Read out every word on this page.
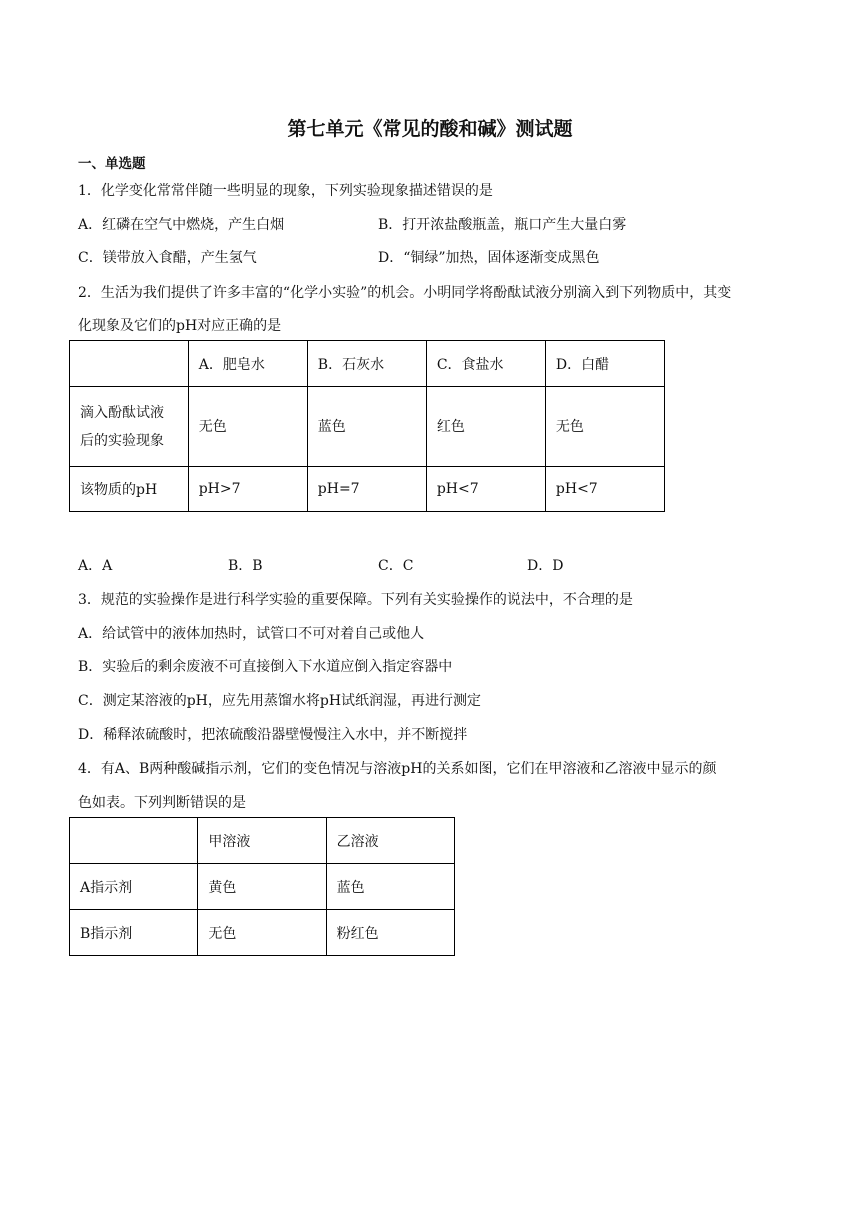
第七单元《常见的酸和碱》测试题
一、单选题
1．化学变化常常伴随一些明显的现象，下列实验现象描述错误的是
A．红磷在空气中燃烧，产生白烟	B．打开浓盐酸瓶盖，瓶口产生大量白雾
C．镁带放入食醋，产生氢气	D．“铜绿”加热，固体逐渐变成黑色
2．生活为我们提供了许多丰富的“化学小实验”的机会。小明同学将酚酞试液分别滴入到下列物质中，其变
化现象及它们的pH对应正确的是
	A．肥皂水	B．石灰水	C．食盐水	D．白醋

滴入酚酞试液
后的实验现象	无色	蓝色	红色	无色
该物质的pH	pH>7	pH=7	pH<7	pH<7
A．A	B．B	C．C	D．D
3．规范的实验操作是进行科学实验的重要保障。下列有关实验操作的说法中，不合理的是
A．给试管中的液体加热时，试管口不可对着自己或他人
B．实验后的剩余废液不可直接倒入下水道应倒入指定容器中
C．测定某溶液的pH，应先用蒸馏水将pH试纸润湿，再进行测定
D．稀释浓硫酸时，把浓硫酸沿器壁慢慢注入水中，并不断搅拌
4．有A、B两种酸碱指示剂，它们的变色情况与溶液pH的关系如图，它们在甲溶液和乙溶液中显示的颜
色如表。下列判断错误的是
	甲溶液	乙溶液
A指示剂	黄色	蓝色
B指示剂	无色	粉红色
